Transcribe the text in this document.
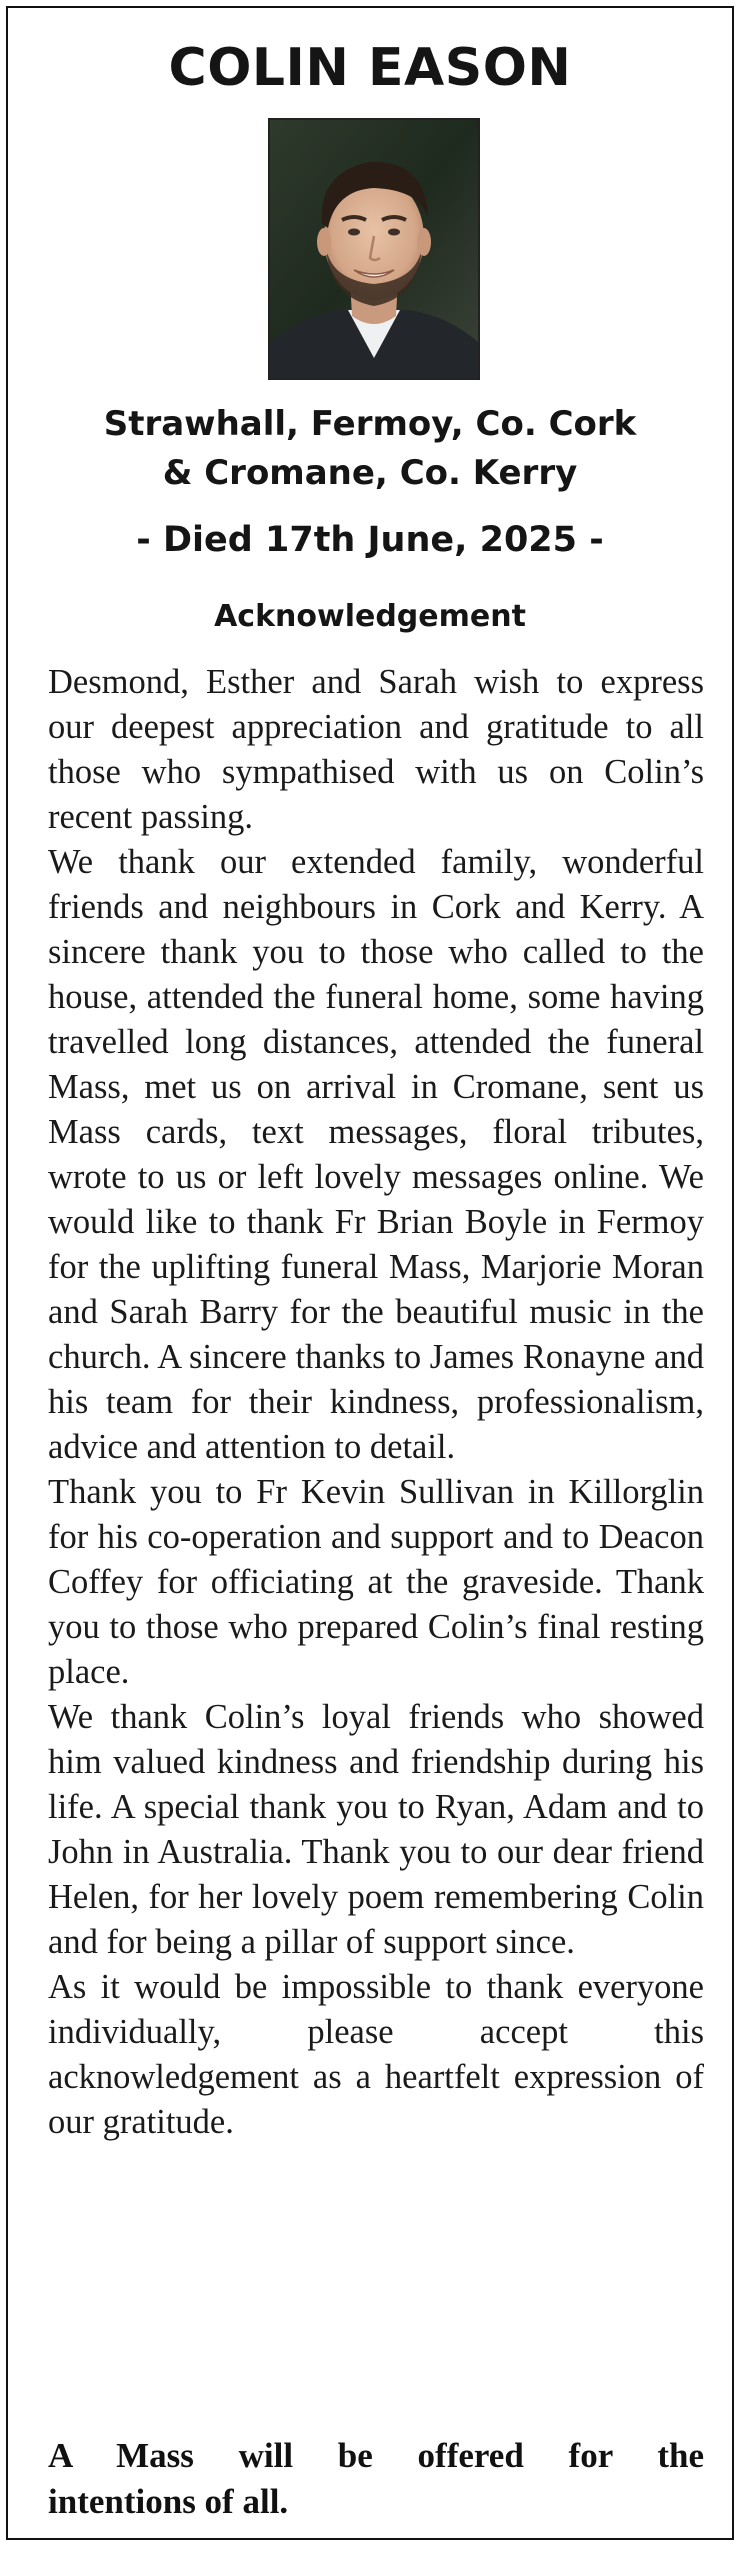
COLIN EASON
Strawhall, Fermoy, Co. Cork
& Cromane, Co. Kerry
- Died 17th June, 2025 -
Acknowledgement

Desmond, Esther and Sarah wish to express our deepest appreciation and gratitude to all those who sympathised with us on Colin’s recent passing.

We thank our extended family, wonderful friends and neighbours in Cork and Kerry. A sincere thank you to those who called to the house, attended the funeral home, some having travelled long distances, attended the funeral Mass, met us on arrival in Cromane, sent us Mass cards, text messages, floral tributes, wrote to us or left lovely messages online. We would like to thank Fr Brian Boyle in Fermoy for the uplifting funeral Mass, Marjorie Moran and Sarah Barry for the beautiful music in the church. A sincere thanks to James Ronayne and his team for their kindness, professionalism, advice and attention to detail.

Thank you to Fr Kevin Sullivan in Killorglin for his co-operation and support and to Deacon Coffey for officiating at the graveside. Thank you to those who prepared Colin’s final resting place.

We thank Colin’s loyal friends who showed him valued kindness and friendship during his life. A special thank you to Ryan, Adam and to John in Australia. Thank you to our dear friend Helen, for her lovely poem remembering Colin and for being a pillar of support since.

As it would be impossible to thank everyone individually, please accept this acknowledgement as a heartfelt expression of our gratitude.

A Mass will be offered for the
intentions of all.
